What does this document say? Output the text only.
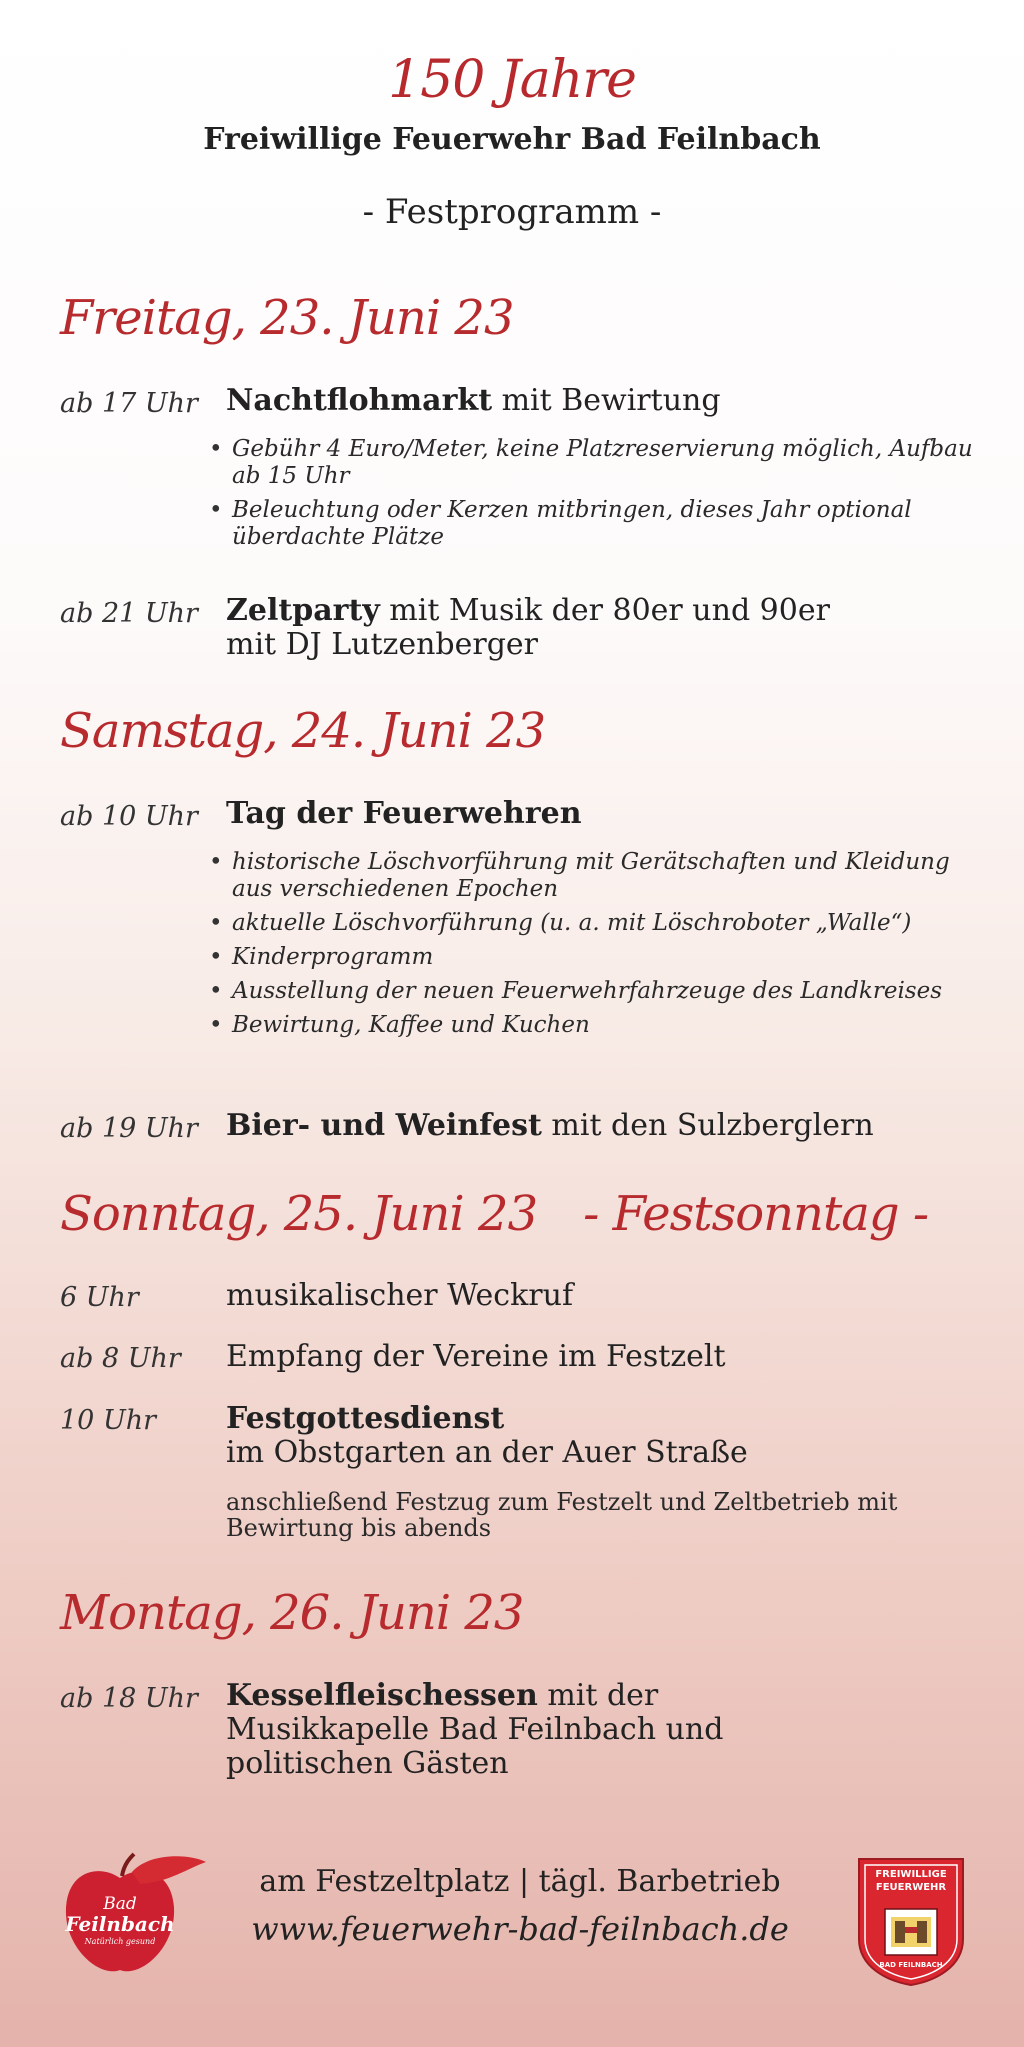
150 Jahre
Freiwillige Feuerwehr Bad Feilnbach
- Festprogramm -
Freitag, 23. Juni 23
ab 17 Uhr Nachtflohmarkt mit Bewirtung
• Gebühr 4 Euro/Meter, keine Platzreservierung möglich, Aufbau ab 15 Uhr
• Beleuchtung oder Kerzen mitbringen, dieses Jahr optional überdachte Plätze
ab 21 Uhr Zeltparty mit Musik der 80er und 90er
mit DJ Lutzenberger
Samstag, 24. Juni 23
ab 10 Uhr Tag der Feuerwehren
• historische Löschvorführung mit Gerätschaften und Kleidung aus verschiedenen Epochen
• aktuelle Löschvorführung (u. a. mit Löschroboter „Walle“)
• Kinderprogramm
• Ausstellung der neuen Feuerwehrfahrzeuge des Landkreises
• Bewirtung, Kaffee und Kuchen
ab 19 Uhr Bier- und Weinfest mit den Sulzberglern
Sonntag, 25. Juni 23 - Festsonntag -
6 Uhr	musikalischer Weckruf
ab 8 Uhr	Empfang der Vereine im Festzelt
10 Uhr	Festgottesdienst
im Obstgarten an der Auer Straße
anschließend Festzug zum Festzelt und Zeltbetrieb mit Bewirtung bis abends
Montag, 26. Juni 23
ab 18 Uhr Kesselfleischessen mit der
Musikkapelle Bad Feilnbach und
politischen Gästen
am Festzeltplatz | tägl. Barbetrieb
www.feuerwehr-bad-feilnbach.de
Bad
Feilnbach
Natürlich gesund
FREIWILLIGE
FEUERWEHR
BAD FEILNBACH
